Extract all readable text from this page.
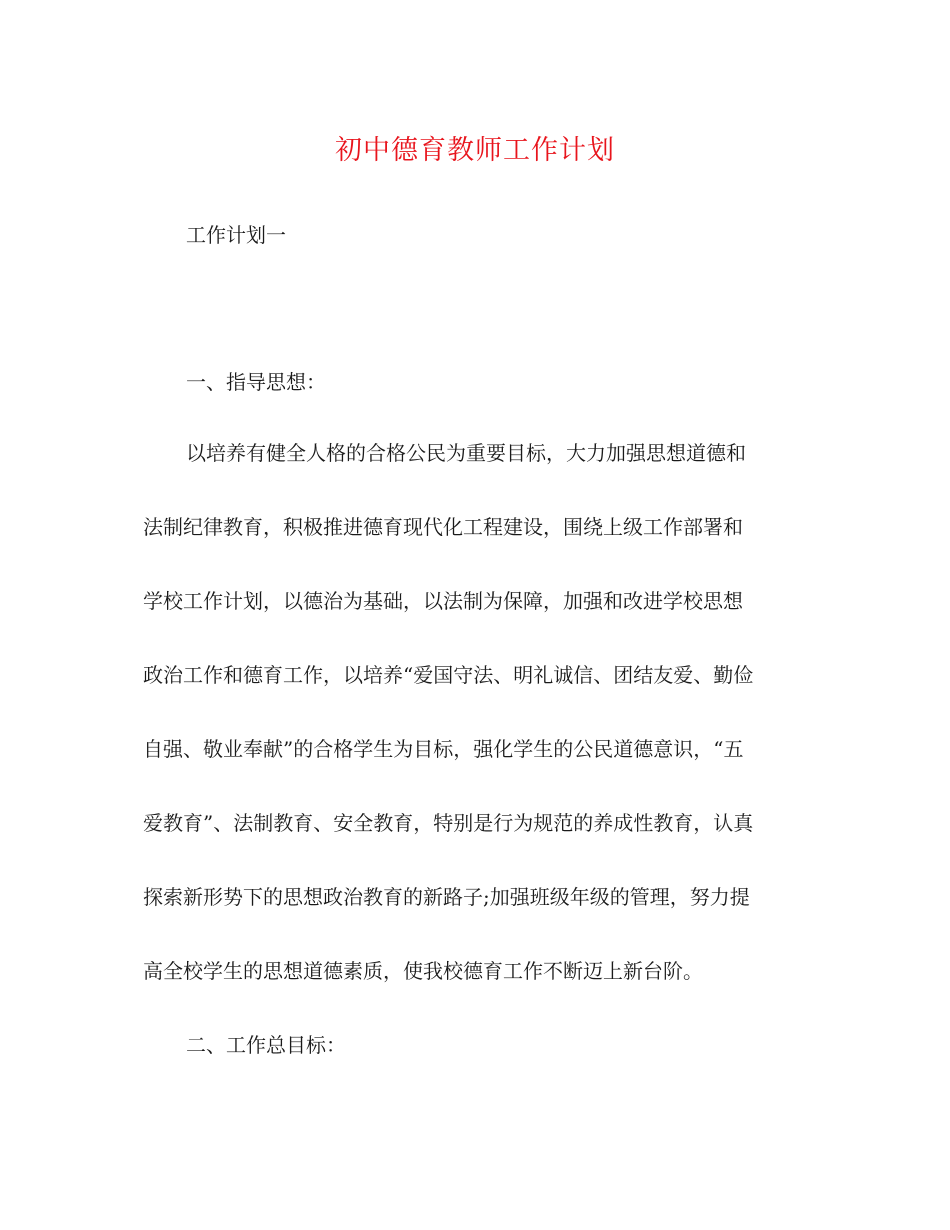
初中德育教师工作计划

工作计划一

一、指导思想：

以培养有健全人格的合格公民为重要目标，大力加强思想道德和

法制纪律教育，积极推进德育现代化工程建设，围绕上级工作部署和

学校工作计划，以德治为基础，以法制为保障，加强和改进学校思想

政治工作和德育工作，以培养“爱国守法、明礼诚信、团结友爱、勤俭

自强、敬业奉献”的合格学生为目标，强化学生的公民道德意识，“五

爱教育”、法制教育、安全教育，特别是行为规范的养成性教育，认真

探索新形势下的思想政治教育的新路子;加强班级年级的管理，努力提

高全校学生的思想道德素质，使我校德育工作不断迈上新台阶。

二、工作总目标：
